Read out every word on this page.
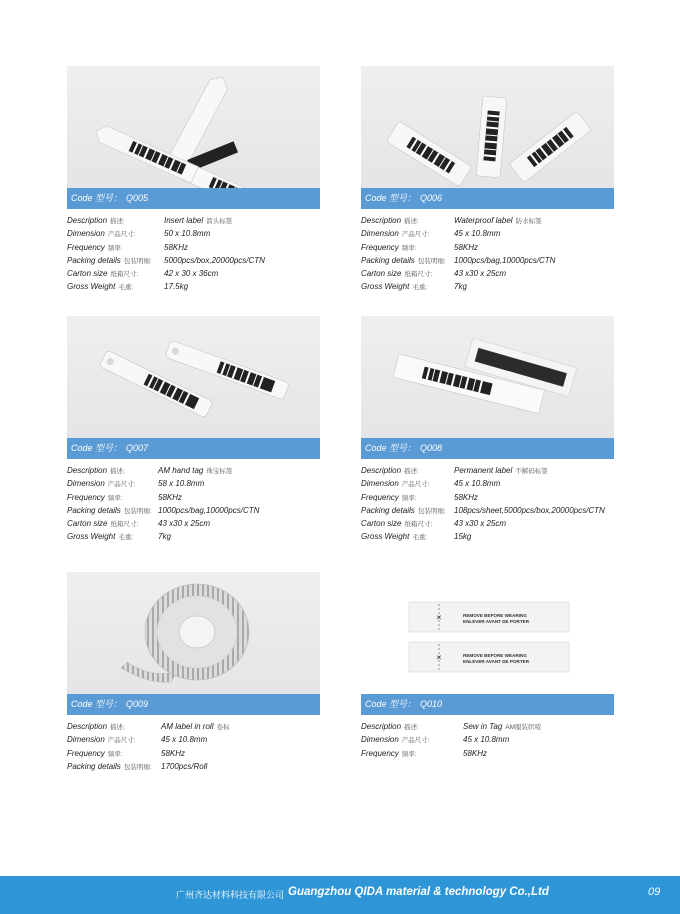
Code 型号： Q005
Description 描述:	Insert label 箭头标签
Dimension 产品尺寸:	50 x 10.8mm
Frequency 频率:	58KHz
Packing details 包装明细: 5000pcs/box,20000pcs/CTN
Carton size 纸箱尺寸:	42 x 30 x 36cm
Gross Weight 毛重:	17.5kg
Code 型号： Q006
Description 描述:	Waterproof label 防水标签
Dimension 产品尺寸:	45 x 10.8mm
Frequency 频率:	58KHz
Packing details 包装明细: 1000pcs/bag,10000pcs/CTN
Carton size 纸箱尺寸:	43 x30 x 25cm
Gross Weight 毛重:	7kg
Code 型号： Q007
Description 描述:	AM hand tag 珠宝标签
Dimension 产品尺寸:	58 x 10.8mm
Frequency 频率:	58KHz
Packing details 包装明细: 1000pcs/bag,10000pcs/CTN
Carton size 纸箱尺寸: 43 x30 x 25cm
Gross Weight 毛重:	7kg
Code 型号： Q008
Description 描述:	Permanent label 不解码标签
Dimension 产品尺寸:	45 x 10.8mm
Frequency 频率:	58KHz
Packing details 包装明细: 108pcs/sheet,5000pcs/box,20000pcs/CTN
Carton size 纸箱尺寸:	43 x30 x 25cm
Gross Weight 毛重:	15kg
Code 型号： Q009
Description 描述:	AM label in roll 卷标
Dimension 产品尺寸:	45 x 10.8mm
Frequency 频率:	58KHz
Packing details 包装明细: 1700pcs/Roll
✕
✕
REMOVE BEFORE WEARING
ENLEVER AVANT DE PORTER
REMOVE BEFORE WEARING
ENLEVER AVANT DE PORTER
Code 型号： Q010
Description 描述:	Sew in Tag AM服装织唛
Dimension 产品尺寸:	45 x 10.8mm
Frequency 频率:	58KHz
广州齐达材料科技有限公司 Guangzhou QIDA material & technology Co.,Ltd	09
